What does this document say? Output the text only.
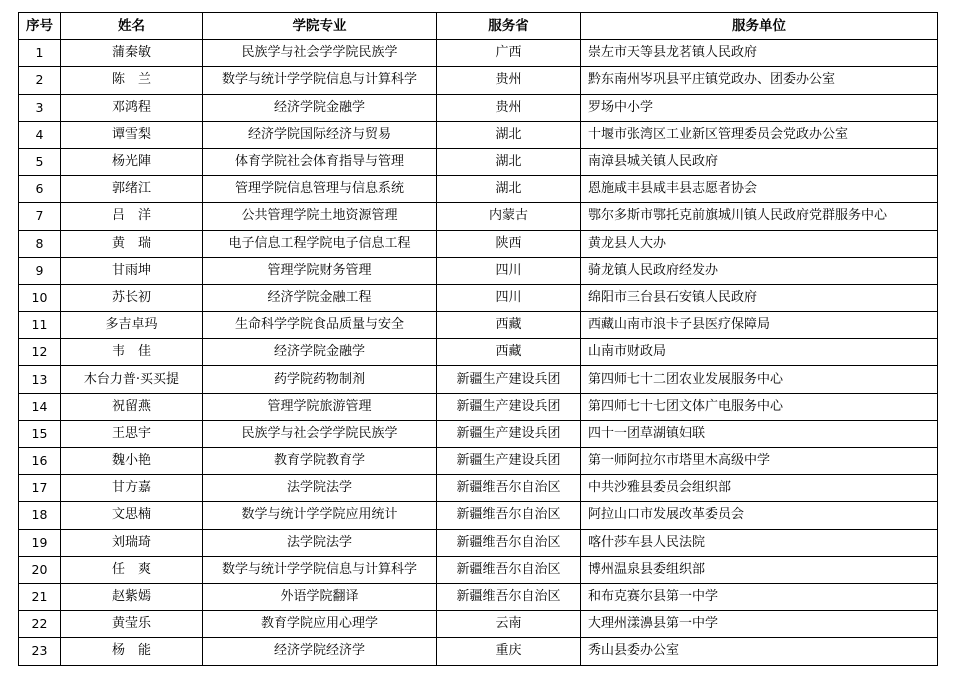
序号	姓名	学院专业	服务省	服务单位
1	蒲秦敏	民族学与社会学学院民族学	广西	崇左市天等县龙茗镇人民政府
2	陈　兰	数学与统计学学院信息与计算科学	贵州	黔东南州岑巩县平庄镇党政办、团委办公室
3	邓鸿程	经济学院金融学	贵州	罗场中小学
4	谭雪梨	经济学院国际经济与贸易	湖北	十堰市张湾区工业新区管理委员会党政办公室
5	杨光陣	体育学院社会体育指导与管理	湖北	南漳县城关镇人民政府
6	郭绪江	管理学院信息管理与信息系统	湖北	恩施咸丰县咸丰县志愿者协会
7	吕　洋	公共管理学院土地资源管理	内蒙古	鄂尔多斯市鄂托克前旗城川镇人民政府党群服务中心
8	黄　瑞	电子信息工程学院电子信息工程	陕西	黄龙县人大办
9	甘雨坤	管理学院财务管理	四川	骑龙镇人民政府经发办
10	苏长初	经济学院金融工程	四川	绵阳市三台县石安镇人民政府
11	多吉卓玛	生命科学学院食品质量与安全	西藏	西藏山南市浪卡子县医疗保障局
12	韦　佳	经济学院金融学	西藏	山南市财政局
13	木台力普·买买提	药学院药物制剂	新疆生产建设兵团	第四师七十二团农业发展服务中心
14	祝留燕	管理学院旅游管理	新疆生产建设兵团	第四师七十七团文体广电服务中心
15	王思宇	民族学与社会学学院民族学	新疆生产建设兵团	四十一团草湖镇妇联
16	魏小艳	教育学院教育学	新疆生产建设兵团	第一师阿拉尔市塔里木高级中学
17	甘方嘉	法学院法学	新疆维吾尔自治区	中共沙雅县委员会组织部
18	文思楠	数学与统计学学院应用统计	新疆维吾尔自治区	阿拉山口市发展改革委员会
19	刘瑞琦	法学院法学	新疆维吾尔自治区	喀什莎车县人民法院
20	任　爽	数学与统计学学院信息与计算科学	新疆维吾尔自治区	博州温泉县委组织部
21	赵紫嫣	外语学院翻译	新疆维吾尔自治区	和布克赛尔县第一中学
22	黄莹乐	教育学院应用心理学	云南	大理州漾濞县第一中学
23	杨　能	经济学院经济学	重庆	秀山县委办公室
